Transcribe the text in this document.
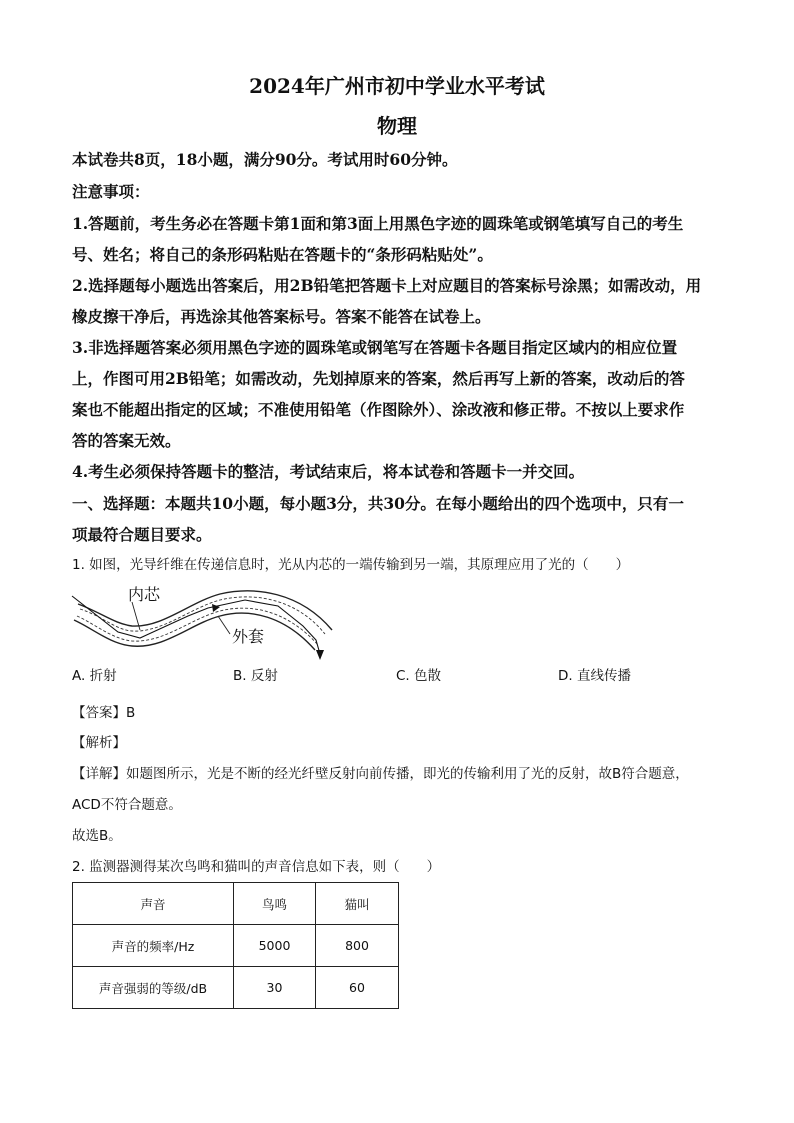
2024年广州市初中学业水平考试
物理
本试卷共8页，18小题，满分90分。考试用时60分钟。
注意事项：
1.答题前，考生务必在答题卡第1面和第3面上用黑色字迹的圆珠笔或钢笔填写自己的考生
号、姓名；将自己的条形码粘贴在答题卡的“条形码粘贴处”。
2.选择题每小题选出答案后，用2B铅笔把答题卡上对应题目的答案标号涂黑；如需改动，用
橡皮擦干净后，再选涂其他答案标号。答案不能答在试卷上。
3.非选择题答案必须用黑色字迹的圆珠笔或钢笔写在答题卡各题目指定区域内的相应位置
上，作图可用2B铅笔；如需改动，先划掉原来的答案，然后再写上新的答案，改动后的答
案也不能超出指定的区域；不准使用铅笔（作图除外）、涂改液和修正带。不按以上要求作
答的答案无效。
4.考生必须保持答题卡的整洁，考试结束后，将本试卷和答题卡一并交回。
一、选择题：本题共10小题，每小题3分，共30分。在每小题给出的四个选项中，只有一
项最符合题目要求。
1. 如图，光导纤维在传递信息时，光从内芯的一端传输到另一端，其原理应用了光的（　　）
内芯
外套
A. 折射	B. 反射	C. 色散	D. 直线传播
【答案】B
【解析】
【详解】如题图所示，光是不断的经光纤壁反射向前传播，即光的传输利用了光的反射，故B符合题意，
ACD不符合题意。
故选B。
2. 监测器测得某次鸟鸣和猫叫的声音信息如下表，则（　　）
声音	鸟鸣	猫叫
声音的频率/Hz	5000	800
声音强弱的等级/dB	30	60
